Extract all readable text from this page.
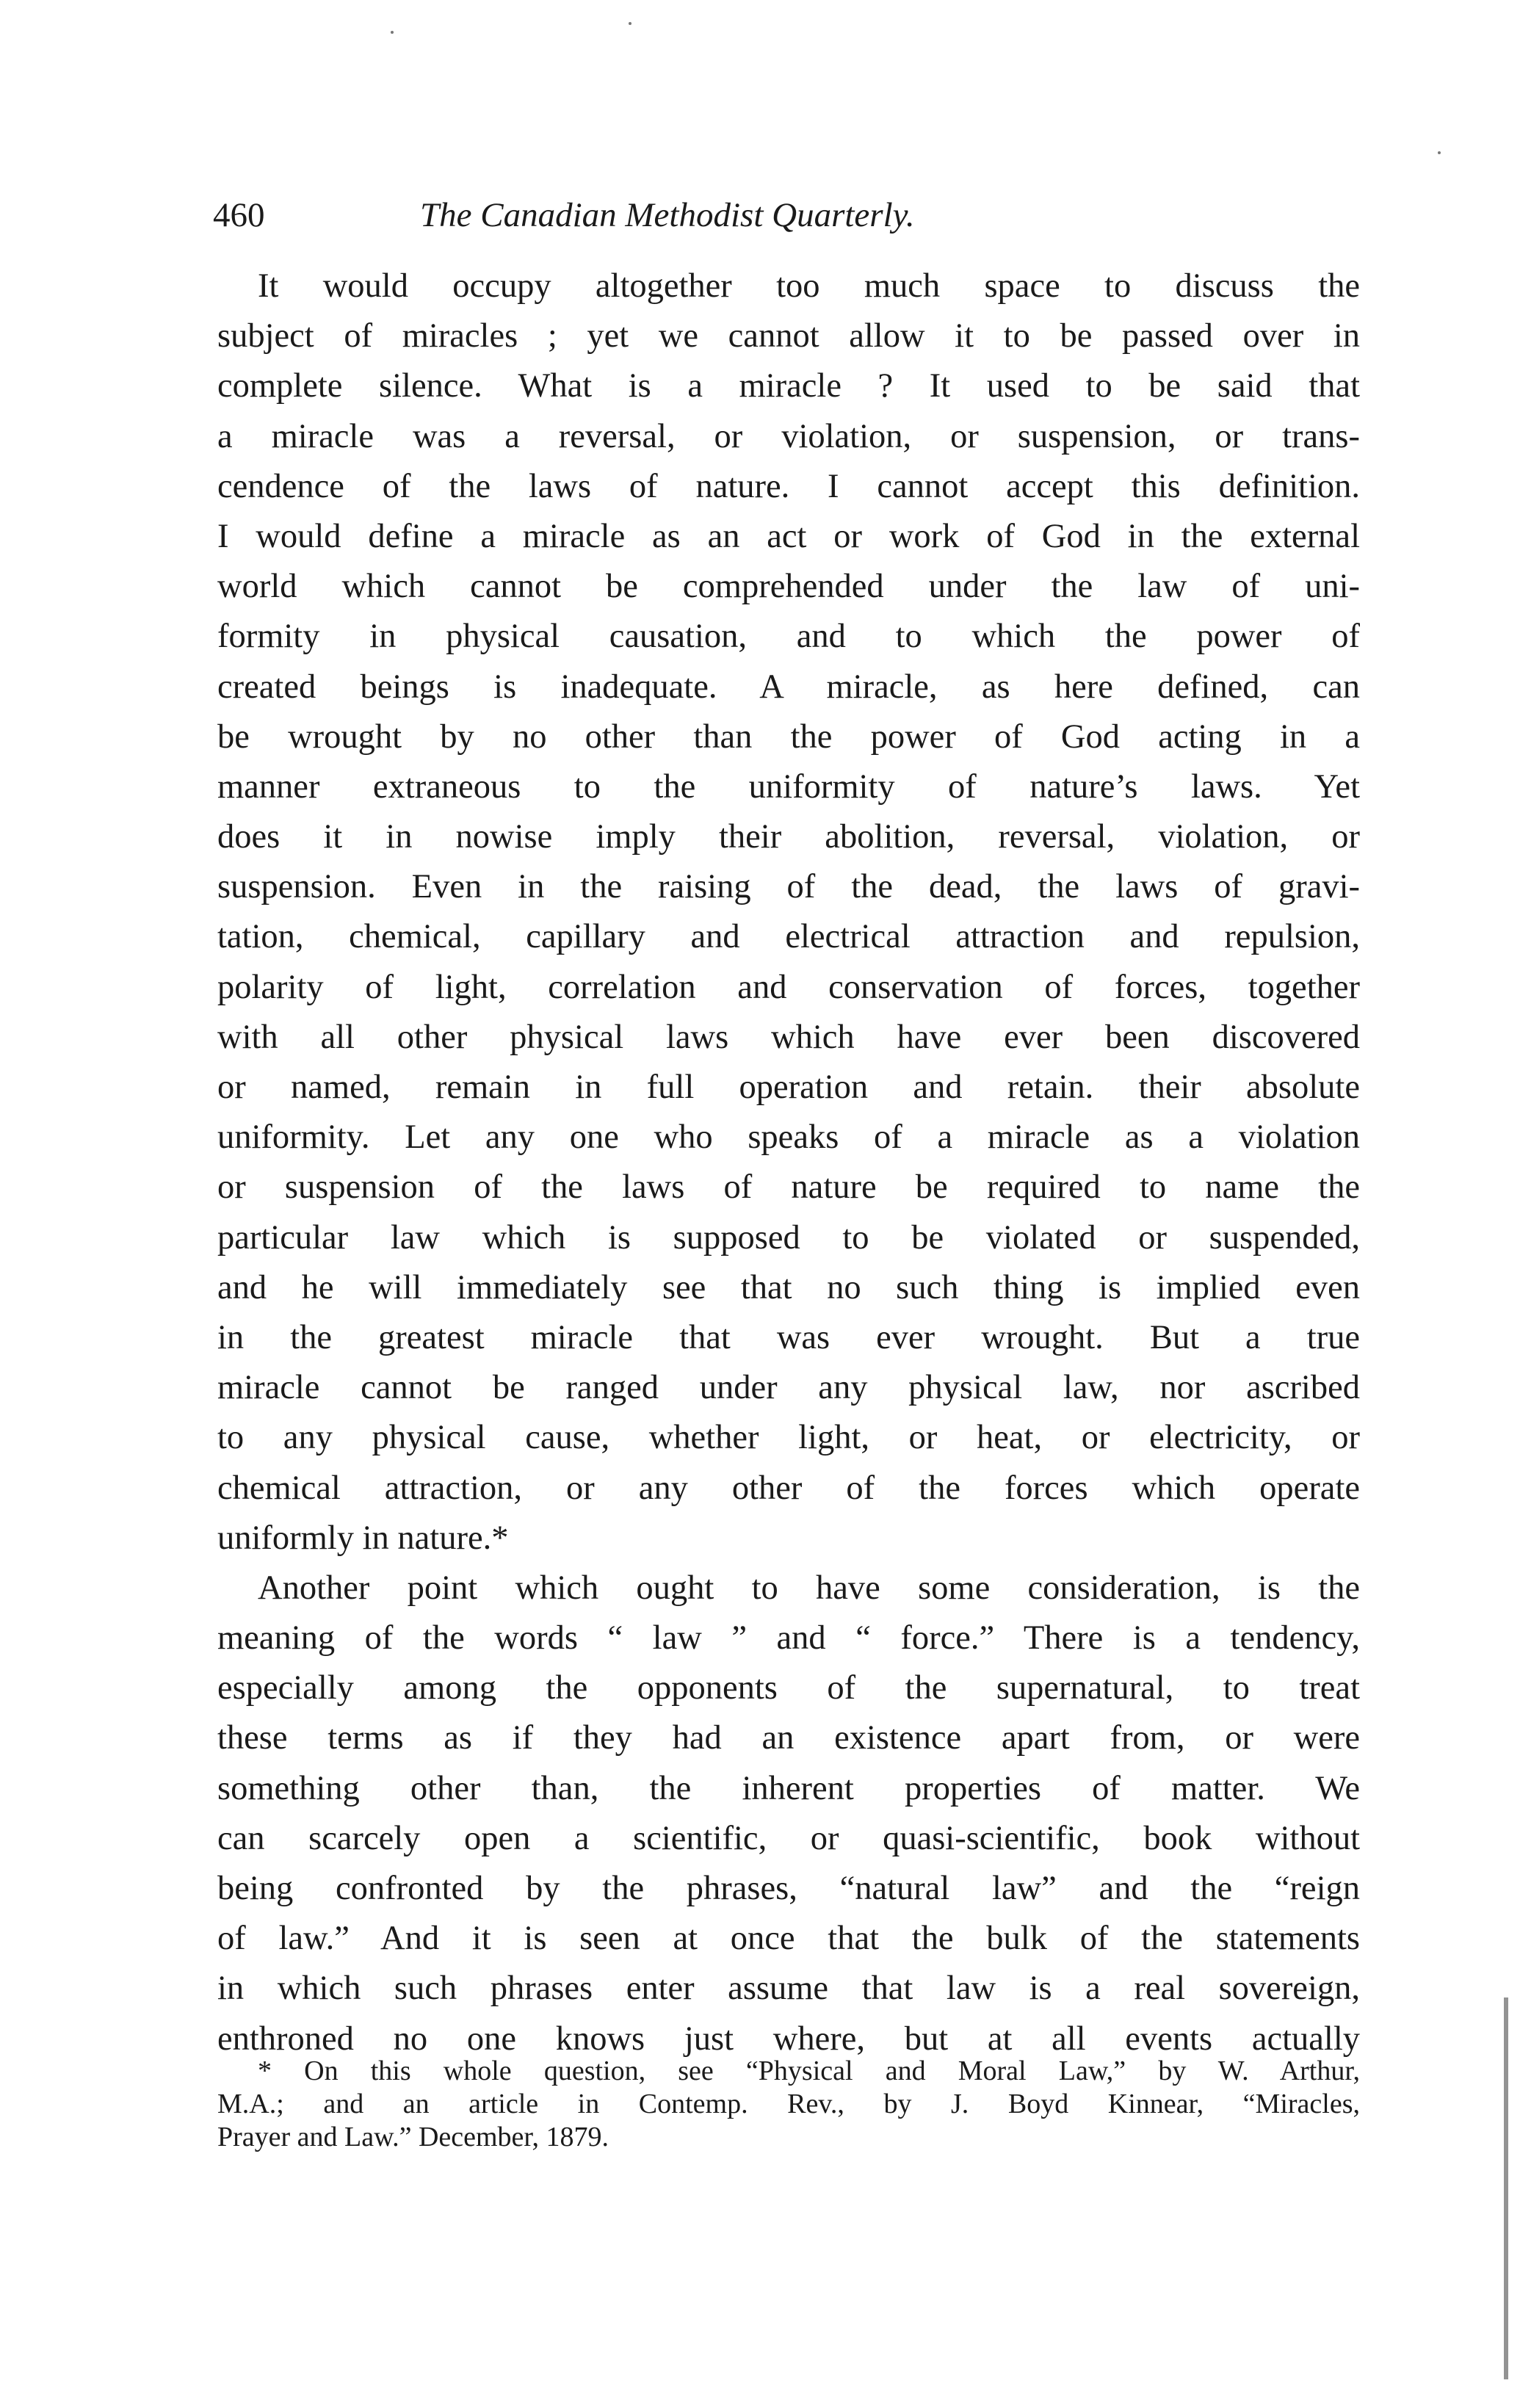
460	The Canadian Methodist Quarterly.
It would occupy altogether too much space to discuss the
subject of miracles ; yet we cannot allow it to be passed over in
complete silence. What is a miracle ? It used to be said that
a miracle was a reversal, or violation, or suspension, or trans-
cendence of the laws of nature. I cannot accept this definition.
I would define a miracle as an act or work of God in the external
world which cannot be comprehended under the law of uni-
formity in physical causation, and to which the power of
created beings is inadequate. A miracle, as here defined, can
be wrought by no other than the power of God acting in a
manner extraneous to the uniformity of nature’s laws. Yet
does it in nowise imply their abolition, reversal, violation, or
suspension. Even in the raising of the dead, the laws of gravi-
tation, chemical, capillary and electrical attraction and repulsion,
polarity of light, correlation and conservation of forces, together
with all other physical laws which have ever been discovered
or named, remain in full operation and retain. their absolute
uniformity. Let any one who speaks of a miracle as a violation
or suspension of the laws of nature be required to name the
particular law which is supposed to be violated or suspended,
and he will immediately see that no such thing is implied even
in the greatest miracle that was ever wrought. But a true
miracle cannot be ranged under any physical law, nor ascribed
to any physical cause, whether light, or heat, or electricity, or
chemical attraction, or any other of the forces which operate
uniformly in nature.*
Another point which ought to have some consideration, is the
meaning of the words “ law ” and “ force.” There is a tendency,
especially among the opponents of the supernatural, to treat
these terms as if they had an existence apart from, or were
something other than, the inherent properties of matter. We
can scarcely open a scientific, or quasi-scientific, book without
being confronted by the phrases, “natural law” and the “reign
of law.” And it is seen at once that the bulk of the statements
in which such phrases enter assume that law is a real sovereign,
enthroned no one knows just where, but at all events actually
* On this whole question, see “Physical and Moral Law,” by W. Arthur,
M.A.; and an article in Contemp. Rev., by J. Boyd Kinnear, “Miracles,
Prayer and Law.” December, 1879.
